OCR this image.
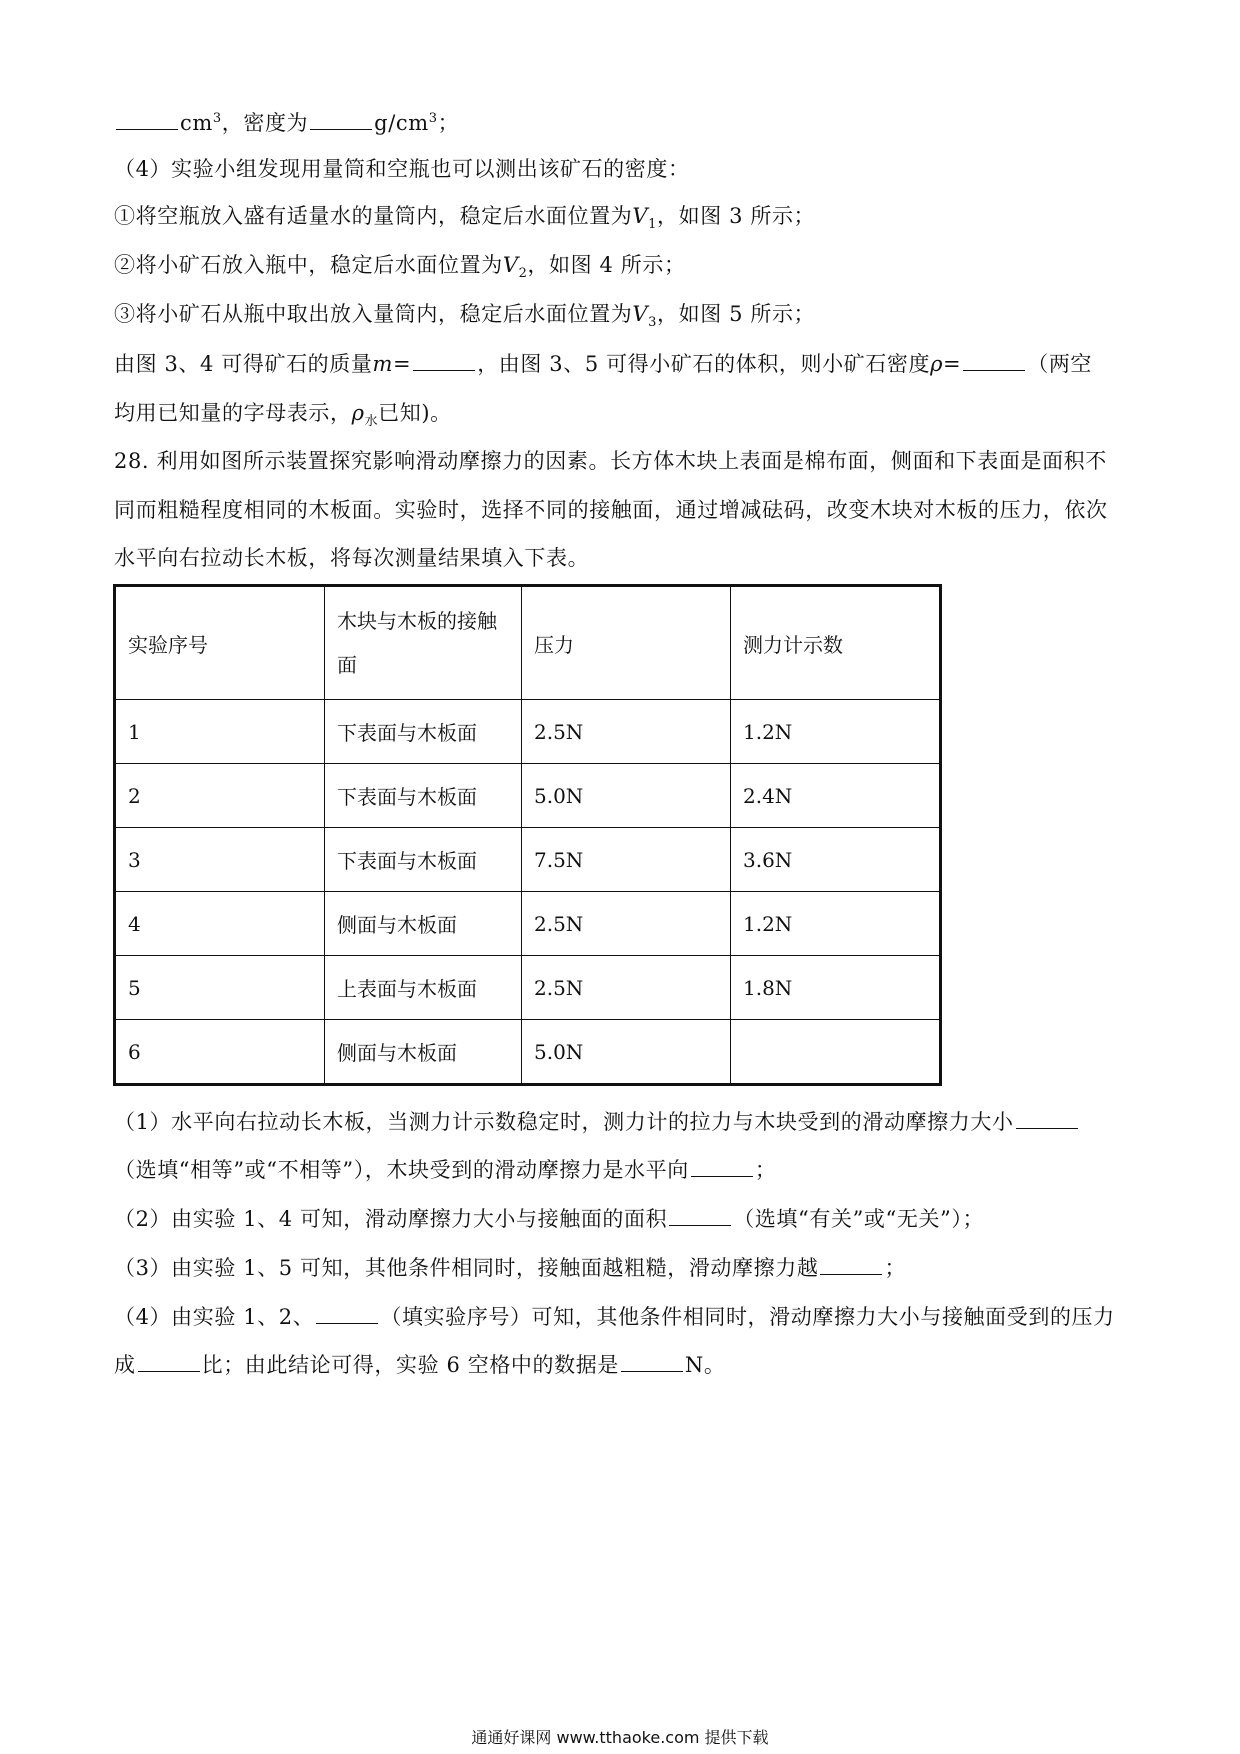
$cm^3$，密度为	$g/cm^3$；
（4）实验小组发现用量筒和空瓶也可以测出该矿石的密度：
①将空瓶放入盛有适量水的量筒内，稳定后水面位置为$V_1$，如图 3 所示；
②将小矿石放入瓶中，稳定后水面位置为$V_2$，如图 4 所示；
③将小矿石从瓶中取出放入量筒内，稳定后水面位置为$V_3$，如图 5 所示；
由图 3、4 可得矿石的质量m=	，由图 3、5 可得小矿石的体积，则小矿石密度ρ=	（两空
均用已知量的字母表示，$\rho_水$已知)。
28. 利用如图所示装置探究影响滑动摩擦力的因素。长方体木块上表面是棉布面，侧面和下表面是面积不
同而粗糙程度相同的木板面。实验时，选择不同的接触面，通过增减砝码，改变木块对木板的压力，依次
水平向右拉动长木板，将每次测量结果填入下表。
实验序号	木块与木板的接触面	压力	测力计示数
1	下表面与木板面	2.5N	1.2N
2	下表面与木板面	5.0N	2.4N
3	下表面与木板面	7.5N	3.6N
4	侧面与木板面	2.5N	1.2N
5	上表面与木板面	2.5N	1.8N
6	侧面与木板面	5.0N	
（1）水平向右拉动长木板，当测力计示数稳定时，测力计的拉力与木块受到的滑动摩擦力大小
（选填“相等”或“不相等”），木块受到的滑动摩擦力是水平向	；
（2）由实验 1、4 可知，滑动摩擦力大小与接触面的面积	（选填“有关”或“无关”）；
（3）由实验 1、5 可知，其他条件相同时，接触面越粗糙，滑动摩擦力越	；
（4）由实验 1、2、	（填实验序号）可知，其他条件相同时，滑动摩擦力大小与接触面受到的压力
成	比；由此结论可得，实验 6 空格中的数据是	N。
通通好课网 www.tthaoke.com 提供下载
